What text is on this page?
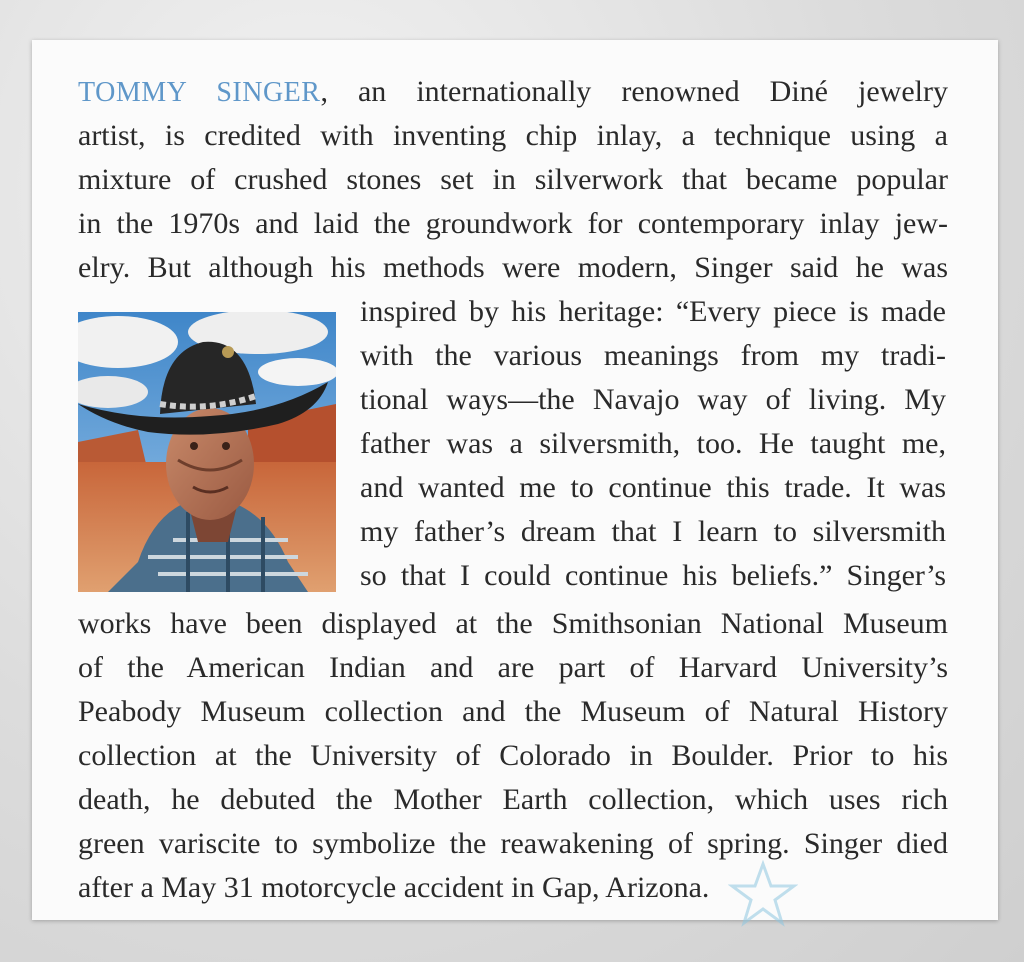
TOMMY SINGER, an internationally renowned Diné jewelry
artist, is credited with inventing chip inlay, a technique using a
mixture of crushed stones set in silverwork that became popular
in the 1970s and laid the groundwork for contemporary inlay jew-
elry. But although his methods were modern, Singer said he was
inspired by his heritage: “Every piece is made
with the various meanings from my tradi-
tional ways—the Navajo way of living. My
father was a silversmith, too. He taught me,
and wanted me to continue this trade. It was
my father’s dream that I learn to silversmith
so that I could continue his beliefs.” Singer’s
works have been displayed at the Smithsonian National Museum
of the American Indian and are part of Harvard University’s
Peabody Museum collection and the Museum of Natural History
collection at the University of Colorado in Boulder. Prior to his
death, he debuted the Mother Earth collection, which uses rich
green variscite to symbolize the reawakening of spring. Singer died
after a May 31 motorcycle accident in Gap, Arizona.
